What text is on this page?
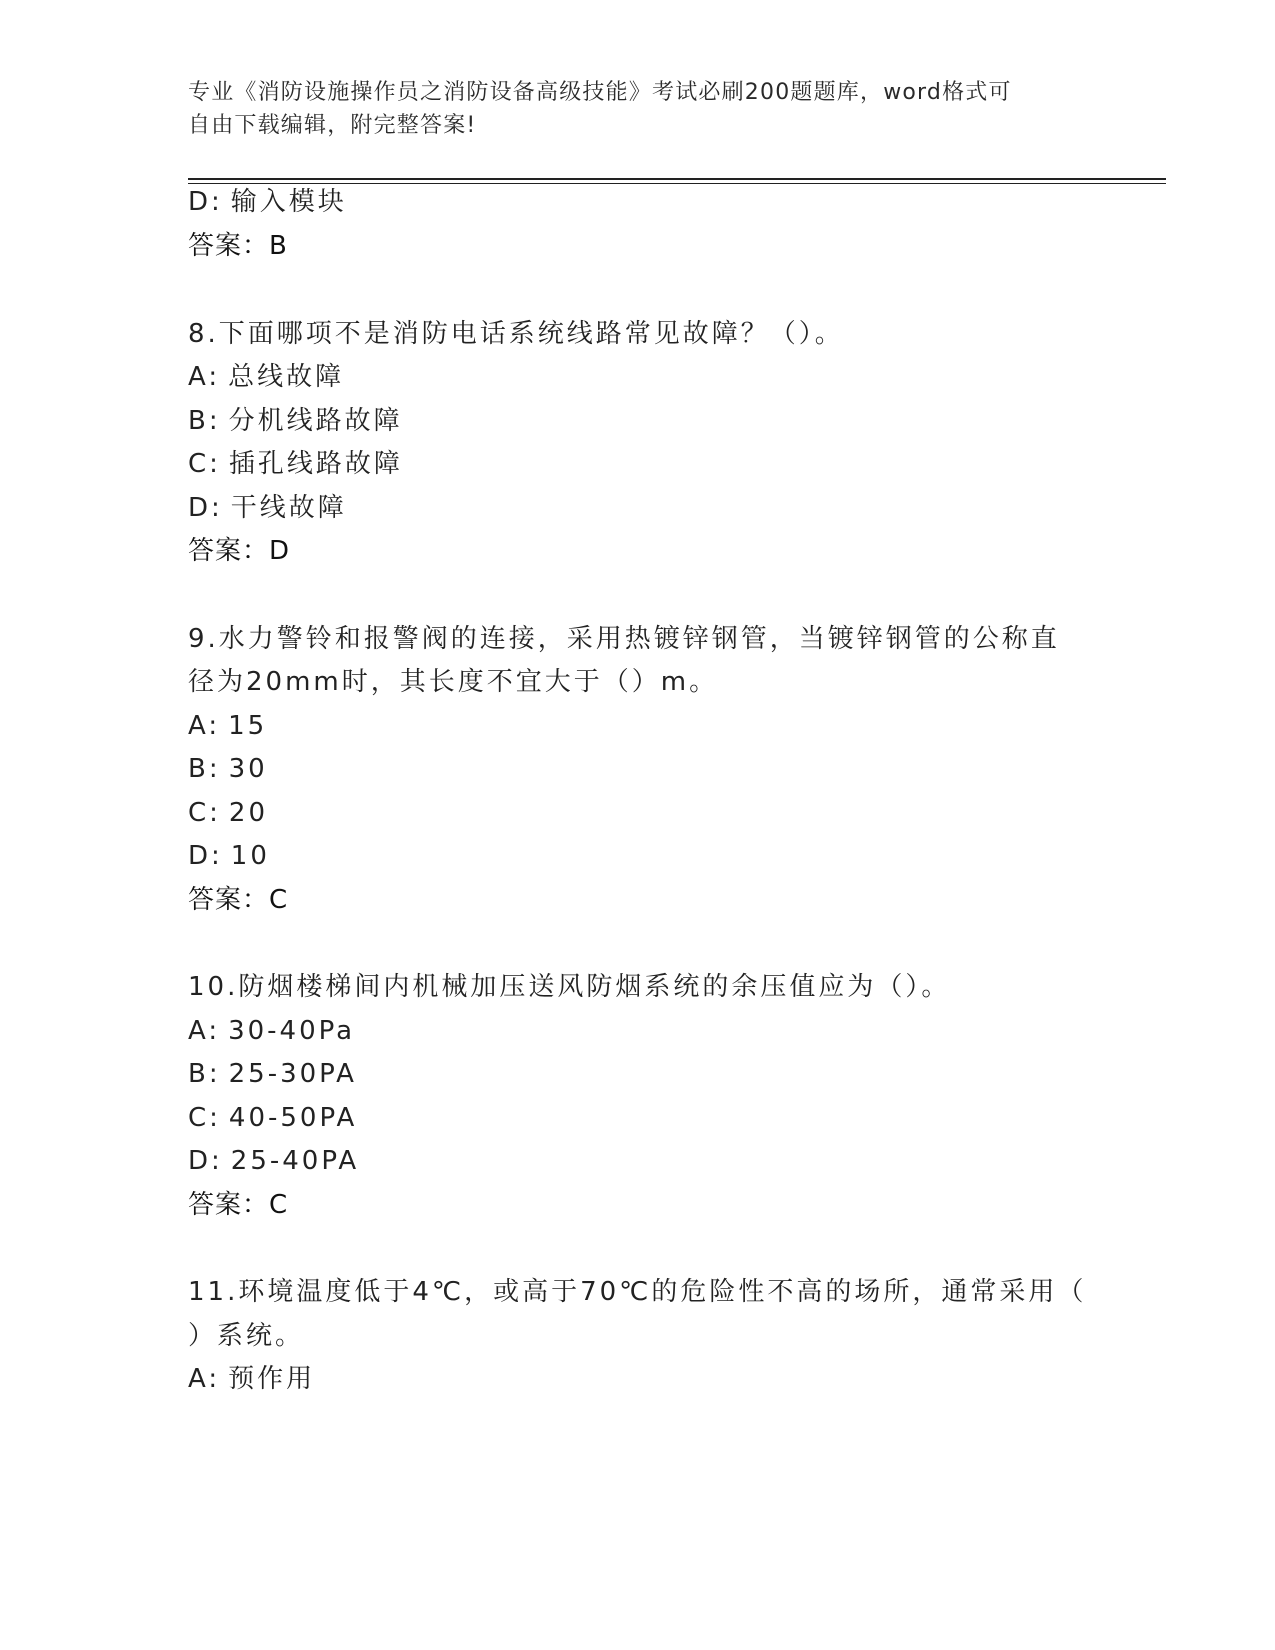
专业《消防设施操作员之消防设备高级技能》考试必刷200题题库，word格式可
自由下载编辑，附完整答案!
D: 输入模块
答案：B
8.下面哪项不是消防电话系统线路常见故障？（）。
A: 总线故障
B: 分机线路故障
C: 插孔线路故障
D: 干线故障
答案：D
9.水力警铃和报警阀的连接，采用热镀锌钢管，当镀锌钢管的公称直
径为20mm时，其长度不宜大于（）m。
A: 15
B: 30
C: 20
D: 10
答案：C
10.防烟楼梯间内机械加压送风防烟系统的余压值应为（）。
A: 30-40Pa
B: 25-30PA
C: 40-50PA
D: 25-40PA
答案：C
11.环境温度低于4℃，或高于70℃的危险性不高的场所，通常采用（
）系统。
A: 预作用
